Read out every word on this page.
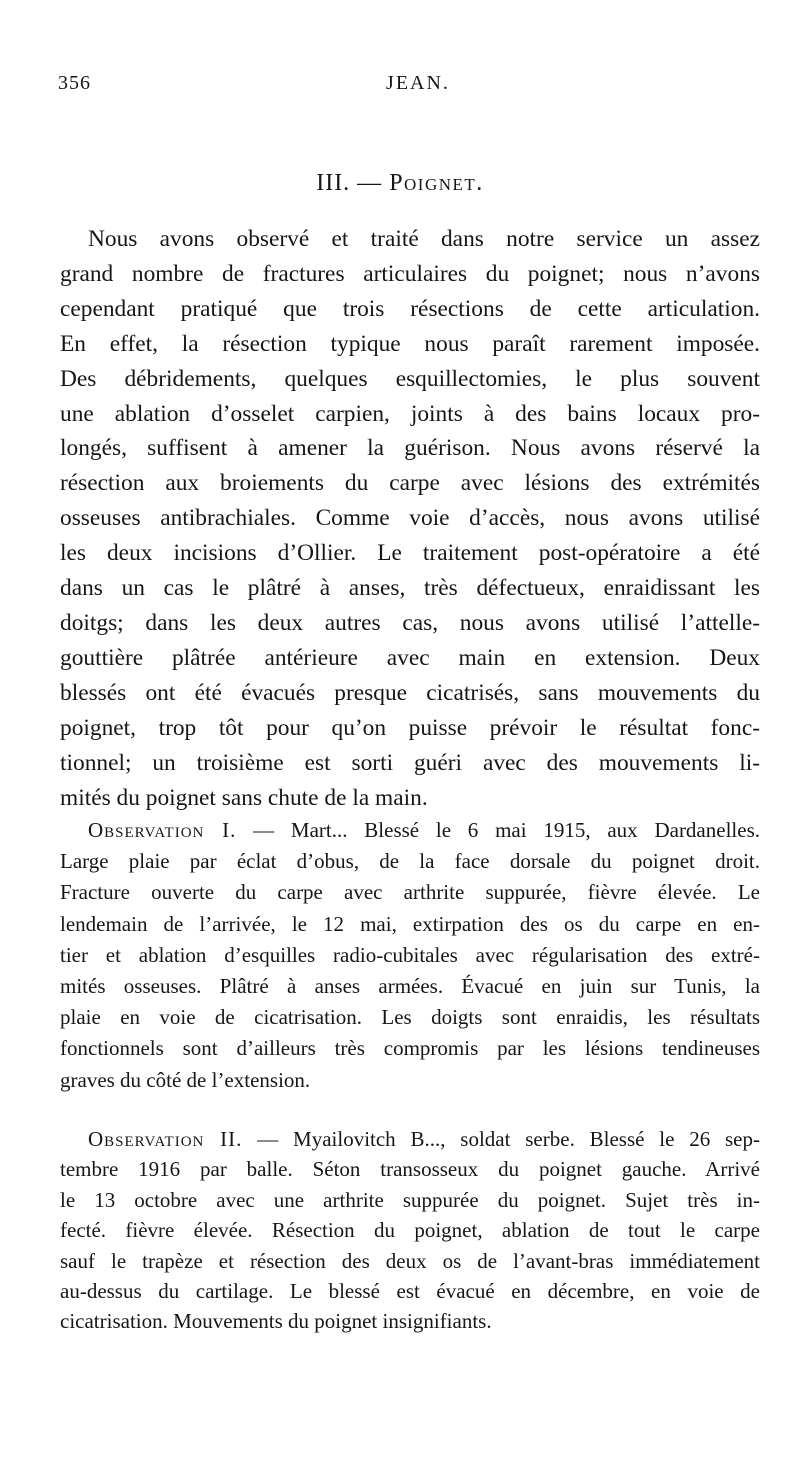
356	JEAN.
III. — Poignet.
Nous avons observé et traité dans notre service un assez
grand nombre de fractures articulaires du poignet; nous n’avons
cependant pratiqué que trois résections de cette articulation.
En effet, la résection typique nous paraît rarement imposée.
Des débridements, quelques esquillectomies, le plus souvent
une ablation d’osselet carpien, joints à des bains locaux pro-
longés, suffisent à amener la guérison. Nous avons réservé la
résection aux broiements du carpe avec lésions des extrémités
osseuses antibrachiales. Comme voie d’accès, nous avons utilisé
les deux incisions d’Ollier. Le traitement post-opératoire a été
dans un cas le plâtré à anses, très défectueux, enraidissant les
doitgs; dans les deux autres cas, nous avons utilisé l’attelle-
gouttière plâtrée antérieure avec main en extension. Deux
blessés ont été évacués presque cicatrisés, sans mouvements du
poignet, trop tôt pour qu’on puisse prévoir le résultat fonc-
tionnel; un troisième est sorti guéri avec des mouvements li-
mités du poignet sans chute de la main.
Observation I. — Mart... Blessé le 6 mai 1915, aux Dardanelles.
Large plaie par éclat d’obus, de la face dorsale du poignet droit.
Fracture ouverte du carpe avec arthrite suppurée, fièvre élevée. Le
lendemain de l’arrivée, le 12 mai, extirpation des os du carpe en en-
tier et ablation d’esquilles radio-cubitales avec régularisation des extré-
mités osseuses. Plâtré à anses armées. Évacué en juin sur Tunis, la
plaie en voie de cicatrisation. Les doigts sont enraidis, les résultats
fonctionnels sont d’ailleurs très compromis par les lésions tendineuses
graves du côté de l’extension.
Observation II. — Myailovitch B..., soldat serbe. Blessé le 26 sep-
tembre 1916 par balle. Séton transosseux du poignet gauche. Arrivé
le 13 octobre avec une arthrite suppurée du poignet. Sujet très in-
fecté. fièvre élevée. Résection du poignet, ablation de tout le carpe
sauf le trapèze et résection des deux os de l’avant-bras immédiatement
au-dessus du cartilage. Le blessé est évacué en décembre, en voie de
cicatrisation. Mouvements du poignet insignifiants.
